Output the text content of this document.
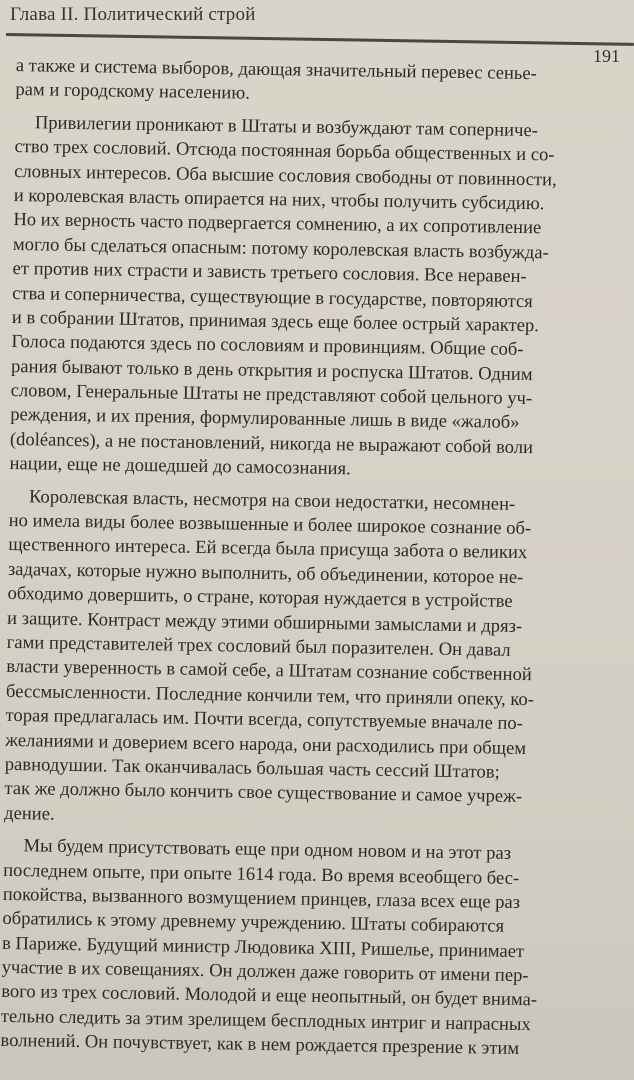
Глава II. Политический строй
191
а также и система выборов, дающая значительный перевес сенье-
рам и городскому населению.
Привилегии проникают в Штаты и возбуждают там соперниче-
ство трех сословий. Отсюда постоянная борьба общественных и со-
словных интересов. Оба высшие сословия свободны от повинности,
и королевская власть опирается на них, чтобы получить субсидию.
Но их верность часто подвергается сомнению, а их сопротивление
могло бы сделаться опасным: потому королевская власть возбужда-
ет против них страсти и зависть третьего сословия. Все неравен-
ства и соперничества, существующие в государстве, повторяются
и в собрании Штатов, принимая здесь еще более острый характер.
Голоса подаются здесь по сословиям и провинциям. Общие соб-
рания бывают только в день открытия и роспуска Штатов. Одним
словом, Генеральные Штаты не представляют собой цельного уч-
реждения, и их прения, формулированные лишь в виде «жалоб»
(doléances), а не постановлений, никогда не выражают собой воли
нации, еще не дошедшей до самосознания.
Королевская власть, несмотря на свои недостатки, несомнен-
но имела виды более возвышенные и более широкое сознание об-
щественного интереса. Ей всегда была присуща забота о великих
задачах, которые нужно выполнить, об объединении, которое не-
обходимо довершить, о стране, которая нуждается в устройстве
и защите. Контраст между этими обширными замыслами и дряз-
гами представителей трех сословий был поразителен. Он давал
власти уверенность в самой себе, а Штатам сознание собственной
бессмысленности. Последние кончили тем, что приняли опеку, ко-
торая предлагалась им. Почти всегда, сопутствуемые вначале по-
желаниями и доверием всего народа, они расходились при общем
равнодушии. Так оканчивалась большая часть сессий Штатов;
так же должно было кончить свое существование и самое учреж-
дение.
Мы будем присутствовать еще при одном новом и на этот раз
последнем опыте, при опыте 1614 года. Во время всеобщего бес-
покойства, вызванного возмущением принцев, глаза всех еще раз
обратились к этому древнему учреждению. Штаты собираются
в Париже. Будущий министр Людовика XIII, Ришелье, принимает
участие в их совещаниях. Он должен даже говорить от имени пер-
вого из трех сословий. Молодой и еще неопытный, он будет внима-
тельно следить за этим зрелищем бесплодных интриг и напрасных
волнений. Он почувствует, как в нем рождается презрение к этим
